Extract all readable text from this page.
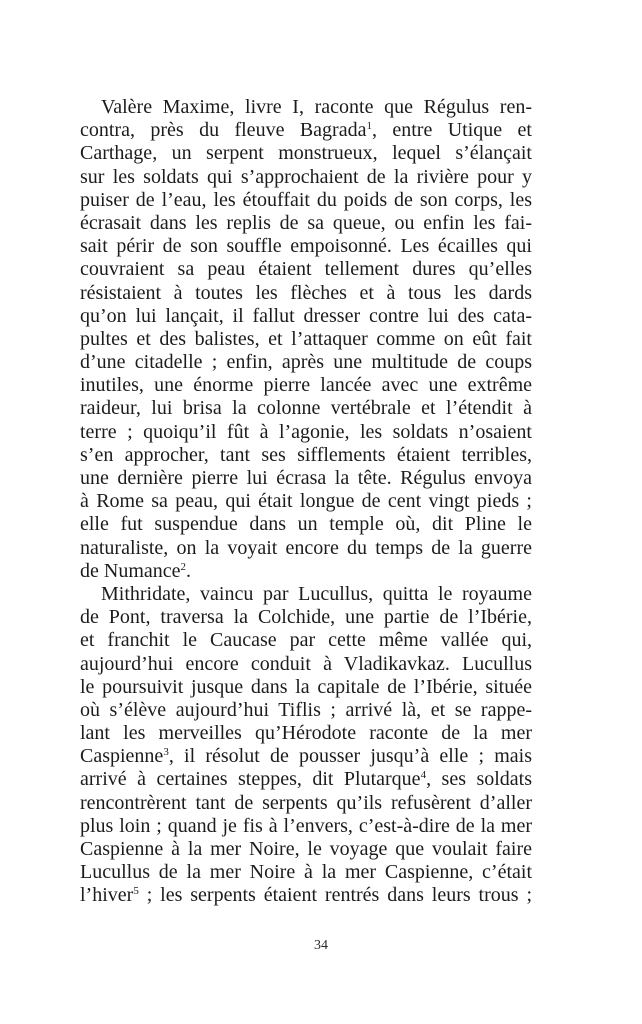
Valère Maxime, livre I, raconte que Régulus ren-
contra, près du fleuve Bagrada$^1$, entre Utique et
Carthage, un serpent monstrueux, lequel s’élançait
sur les soldats qui s’approchaient de la rivière pour y
puiser de l’eau, les étouffait du poids de son corps, les
écrasait dans les replis de sa queue, ou enfin les fai-
sait périr de son souffle empoisonné. Les écailles qui
couvraient sa peau étaient tellement dures qu’elles
résistaient à toutes les flèches et à tous les dards
qu’on lui lançait, il fallut dresser contre lui des cata-
pultes et des balistes, et l’attaquer comme on eût fait
d’une citadelle ; enfin, après une multitude de coups
inutiles, une énorme pierre lancée avec une extrême
raideur, lui brisa la colonne vertébrale et l’étendit à
terre ; quoiqu’il fût à l’agonie, les soldats n’osaient
s’en approcher, tant ses sifflements étaient terribles,
une dernière pierre lui écrasa la tête. Régulus envoya
à Rome sa peau, qui était longue de cent vingt pieds ;
elle fut suspendue dans un temple où, dit Pline le
naturaliste, on la voyait encore du temps de la guerre
de Numance$^2$.
Mithridate, vaincu par Lucullus, quitta le royaume
de Pont, traversa la Colchide, une partie de l’Ibérie,
et franchit le Caucase par cette même vallée qui,
aujourd’hui encore conduit à Vladikavkaz. Lucullus
le poursuivit jusque dans la capitale de l’Ibérie, située
où s’élève aujourd’hui Tiflis ; arrivé là, et se rappe-
lant les merveilles qu’Hérodote raconte de la mer
Caspienne$^3$, il résolut de pousser jusqu’à elle ; mais
arrivé à certaines steppes, dit Plutarque$^4$, ses soldats
rencontrèrent tant de serpents qu’ils refusèrent d’aller
plus loin ; quand je fis à l’envers, c’est-à-dire de la mer
Caspienne à la mer Noire, le voyage que voulait faire
Lucullus de la mer Noire à la mer Caspienne, c’était
l’hiver$^5$ ; les serpents étaient rentrés dans leurs trous ;
34
